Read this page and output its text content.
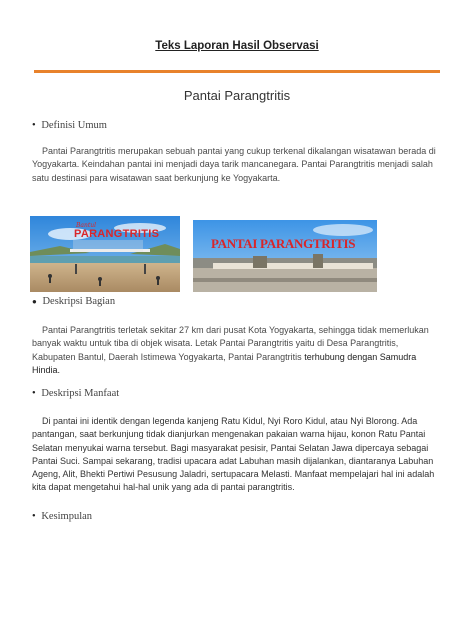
Teks Laporan Hasil Observasi
Pantai Parangtritis
• Definisi Umum
Pantai Parangtritis merupakan sebuah pantai yang cukup terkenal dikalangan wisatawan berada di Yogyakarta. Keindahan pantai ini menjadi daya tarik mancanegara. Pantai Parangtritis menjadi salah satu destinasi para wisatawan saat berkunjung ke Yogyakarta.
Bantul
PARANGTRITIS
PANTAI PARANGTRITIS
● Deskripsi Bagian
Pantai Parangtritis terletak sekitar 27 km dari pusat Kota Yogyakarta, sehingga tidak memerlukan banyak waktu untuk tiba di objek wisata. Letak Pantai Parangtritis yaitu di Desa Parangtritis, Kabupaten Bantul, Daerah Istimewa Yogyakarta, Pantai Parangtritis terhubung dengan Samudra Hindia.
• Deskripsi Manfaat
Di pantai ini identik dengan legenda kanjeng Ratu Kidul, Nyi Roro Kidul, atau Nyi Blorong. Ada pantangan, saat berkunjung tidak dianjurkan mengenakan pakaian warna hijau, konon Ratu Pantai Selatan menyukai warna tersebut. Bagi masyarakat pesisir, Pantai Selatan Jawa dipercaya sebagai Pantai Suci. Sampai sekarang, tradisi upacara adat Labuhan masih dijalankan, diantaranya Labuhan Ageng, Alit, Bhekti Pertiwi Pesusung Jaladri, sertupacara Melasti. Manfaat mempelajari hal ini adalah kita dapat mengetahui hal-hal unik yang ada di pantai parangtritis.
• Kesimpulan
